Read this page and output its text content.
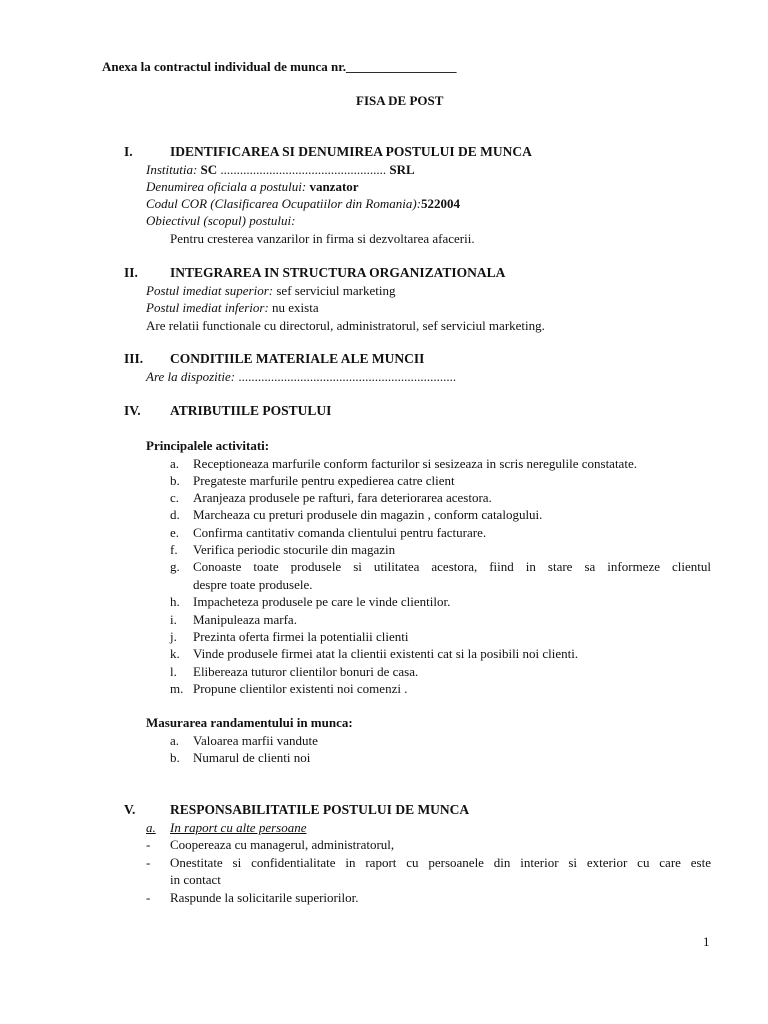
Anexa la contractul individual de munca nr._________________
FISA DE POST
I.	IDENTIFICAREA SI DENUMIREA POSTULUI DE MUNCA
Institutia: SC ................................................... SRL
Denumirea oficiala a postului: vanzator
Codul COR (Clasificarea Ocupatiilor din Romania):522004
Obiectivul (scopul) postului:
Pentru cresterea vanzarilor in firma si dezvoltarea afacerii.
II. INTEGRAREA IN STRUCTURA ORGANIZATIONALA
Postul imediat superior: sef serviciul marketing
Postul imediat inferior: nu exista
Are relatii functionale cu directorul, administratorul, sef serviciul marketing.
III. CONDITIILE MATERIALE ALE MUNCII
Are la dispozitie: ...................................................................
IV. ATRIBUTIILE POSTULUI
Principalele activitati:
a. Receptioneaza marfurile conform facturilor si sesizeaza in scris neregulile constatate.
b. Pregateste marfurile pentru expedierea catre client
c. Aranjeaza produsele pe rafturi, fara deteriorarea acestora.
d. Marcheaza cu preturi produsele din magazin , conform catalogului.
e. Confirma cantitativ comanda clientului pentru facturare.
f. Verifica periodic stocurile din magazin
g. Conoaste toate produsele si utilitatea acestora, fiind in stare sa informeze clientul
despre toate produsele.
h. Impacheteza produsele pe care le vinde clientilor.
i. Manipuleaza marfa.
j. Prezinta oferta firmei la potentialii clienti
k. Vinde produsele firmei atat la clientii existenti cat si la posibili noi clienti.
l. Elibereaza tuturor clientilor bonuri de casa.
m. Propune clientilor existenti noi comenzi .
Masurarea randamentului in munca:
a. Valoarea marfii vandute
b. Numarul de clienti noi
V.	RESPONSABILITATILE POSTULUI DE MUNCA
a. In raport cu alte persoane
- Coopereaza cu managerul, administratorul,
- Onestitate si confidentialitate in raport cu persoanele din interior si exterior cu care este
in contact
- Raspunde la solicitarile superiorilor.
1
